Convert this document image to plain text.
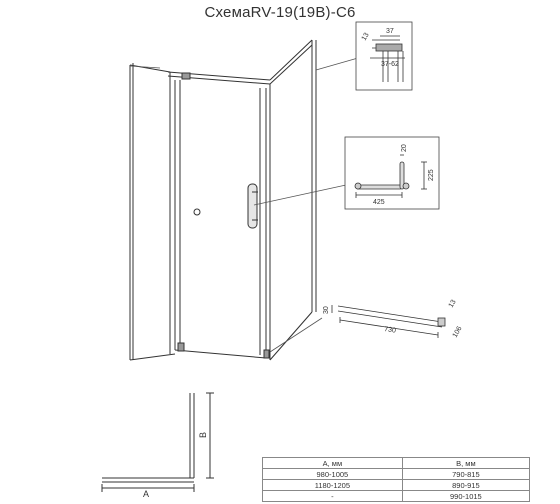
СхемаRV-19(19B)-C6
13
37
37-62
425
225
20
30
730
13
106
A
B
A, мм	B, мм
980-1005	790-815
1180-1205	890-915
-	990-1015
